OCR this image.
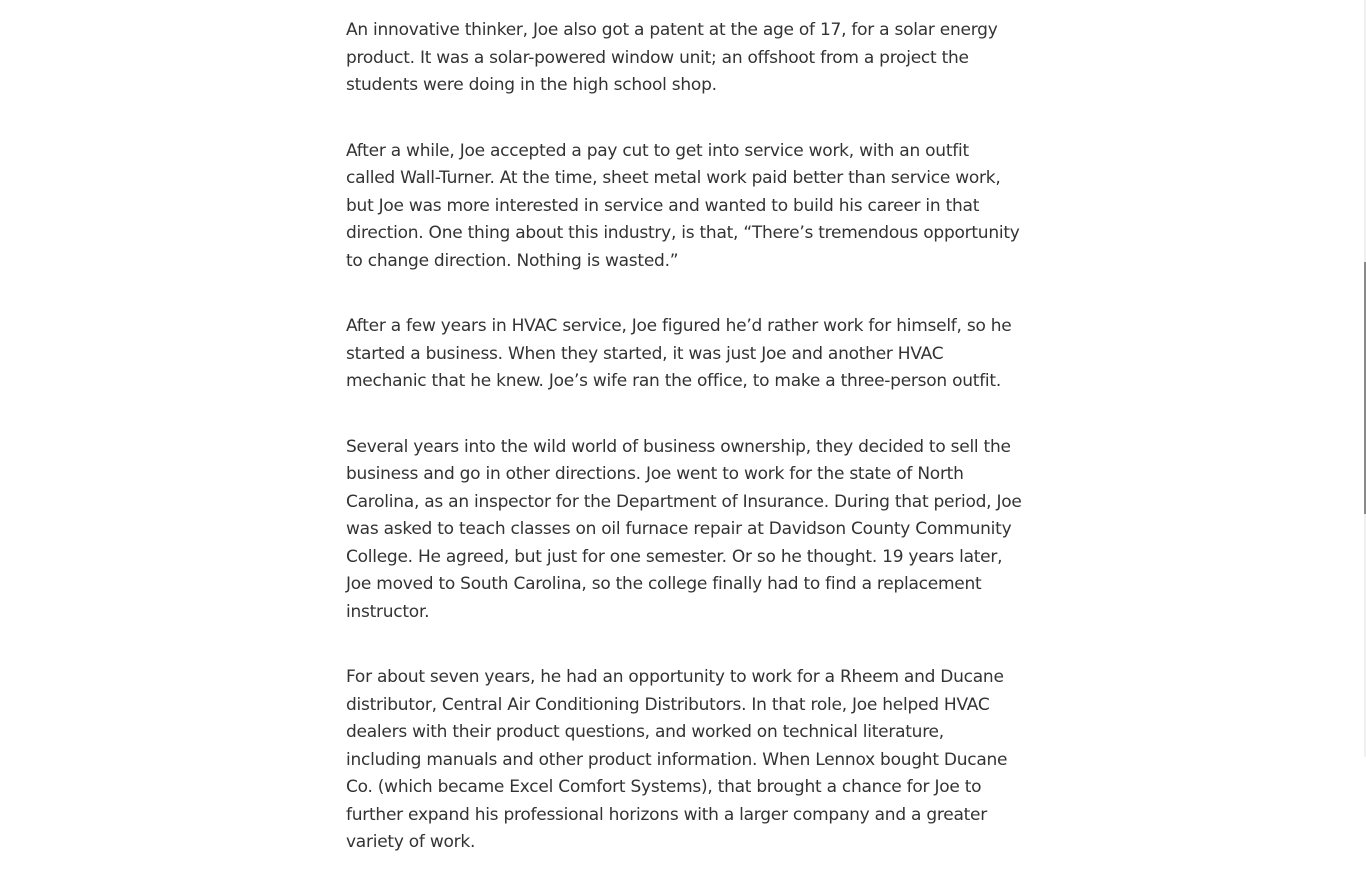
An innovative thinker, Joe also got a patent at the age of 17, for a solar energy product. It was a solar-powered window unit; an offshoot from a project the students were doing in the high school shop.

After a while, Joe accepted a pay cut to get into service work, with an outfit called Wall-Turner. At the time, sheet metal work paid better than service work, but Joe was more interested in service and wanted to build his career in that direction. One thing about this industry, is that, “There’s tremendous opportunity to change direction. Nothing is wasted.”

After a few years in HVAC service, Joe figured he’d rather work for himself, so he started a business. When they started, it was just Joe and another HVAC mechanic that he knew. Joe’s wife ran the office, to make a three-person outfit.

Several years into the wild world of business ownership, they decided to sell the business and go in other directions. Joe went to work for the state of North Carolina, as an inspector for the Department of Insurance. During that period, Joe was asked to teach classes on oil furnace repair at Davidson County Community College. He agreed, but just for one semester. Or so he thought. 19 years later, Joe moved to South Carolina, so the college finally had to find a replacement instructor.

For about seven years, he had an opportunity to work for a Rheem and Ducane distributor, Central Air Conditioning Distributors. In that role, Joe helped HVAC dealers with their product questions, and worked on technical literature, including manuals and other product information. When Lennox bought Ducane Co. (which became Excel Comfort Systems), that brought a chance for Joe to further expand his professional horizons with a larger company and a greater variety of work.
